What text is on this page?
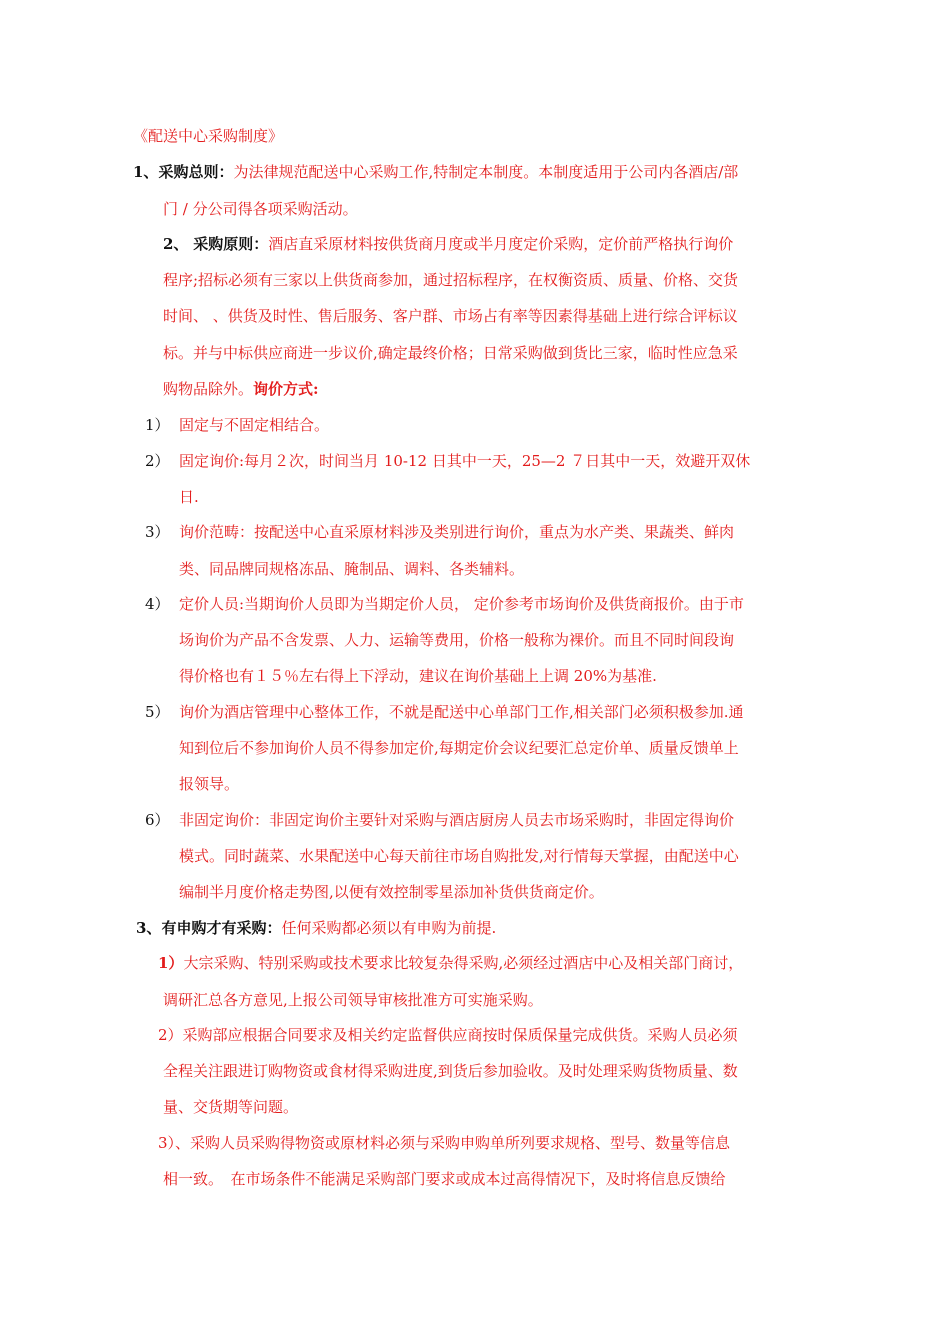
《配送中心采购制度》
1、采购总则：为法律规范配送中心采购工作,特制定本制度。本制度适用于公司内各酒店/部
门 / 分公司得各项采购活动。
2、 采购原则：酒店直采原材料按供货商月度或半月度定价采购，定价前严格执行询价
程序;招标必须有三家以上供货商参加，通过招标程序，在权衡资质、质量、价格、交货
时间、 、供货及时性、售后服务、客户群、市场占有率等因素得基础上进行综合评标议
标。并与中标供应商进一步议价,确定最终价格；日常采购做到货比三家，临时性应急采
购物品除外。询价方式:
1） 固定与不固定相结合。
2） 固定询价:每月２次，时间当月 10-12 日其中一天，25—2 ７日其中一天，效避开双休
日.
3） 询价范畴：按配送中心直采原材料涉及类别进行询价，重点为水产类、果蔬类、鲜肉
类、同品牌同规格冻品、腌制品、调料、各类辅料。
4） 定价人员:当期询价人员即为当期定价人员， 定价参考市场询价及供货商报价。由于市
场询价为产品不含发票、人力、运输等费用，价格一般称为裸价。而且不同时间段询
得价格也有１５％左右得上下浮动，建议在询价基础上上调 20%为基准.
5） 询价为酒店管理中心整体工作，不就是配送中心单部门工作,相关部门必须积极参加.通
知到位后不参加询价人员不得参加定价,每期定价会议纪要汇总定价单、质量反馈单上
报领导。
6） 非固定询价：非固定询价主要针对采购与酒店厨房人员去市场采购时，非固定得询价
模式。同时蔬菜、水果配送中心每天前往市场自购批发,对行情每天掌握，由配送中心
编制半月度价格走势图,以便有效控制零星添加补货供货商定价。
3、有申购才有采购：任何采购都必须以有申购为前提.
1）大宗采购、特别采购或技术要求比较复杂得采购,必须经过酒店中心及相关部门商讨，
调研汇总各方意见,上报公司领导审核批准方可实施采购。
2）采购部应根据合同要求及相关约定监督供应商按时保质保量完成供货。采购人员必须
全程关注跟进订购物资或食材得采购进度,到货后参加验收。及时处理采购货物质量、数
量、交货期等问题。
3）、采购人员采购得物资或原材料必须与采购申购单所列要求规格、型号、数量等信息
相一致。　在市场条件不能满足采购部门要求或成本过高得情况下，及时将信息反馈给
